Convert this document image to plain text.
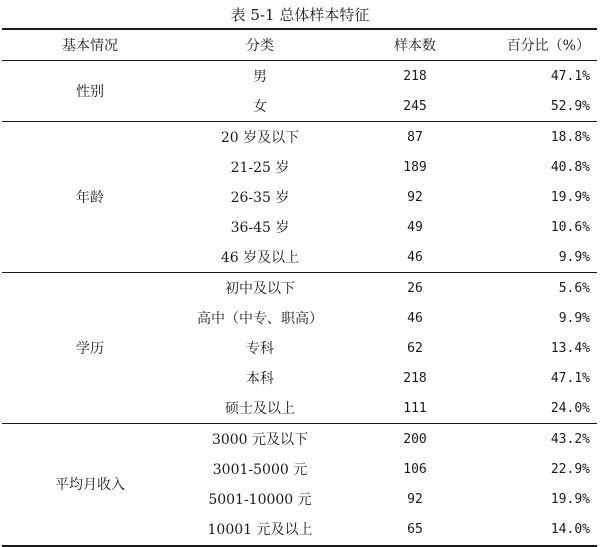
表 5-1 总体样本特征
基本情况	分类	样本数	百分比（%）
性别
男	218	47.1%
女	245	52.9%
年龄
20 岁及以下	87	18.8%
21-25 岁	189	40.8%
26-35 岁	92	19.9%
36-45 岁	49	10.6%
46 岁及以上	46	9.9%
学历
初中及以下	26	5.6%
高中（中专、职高）	46	9.9%
专科	62	13.4%
本科	218	47.1%
硕士及以上	111	24.0%
平均月收入
3000 元及以下	200	43.2%
3001-5000 元	106	22.9%
5001-10000 元	92	19.9%
10001 元及以上	65	14.0%
